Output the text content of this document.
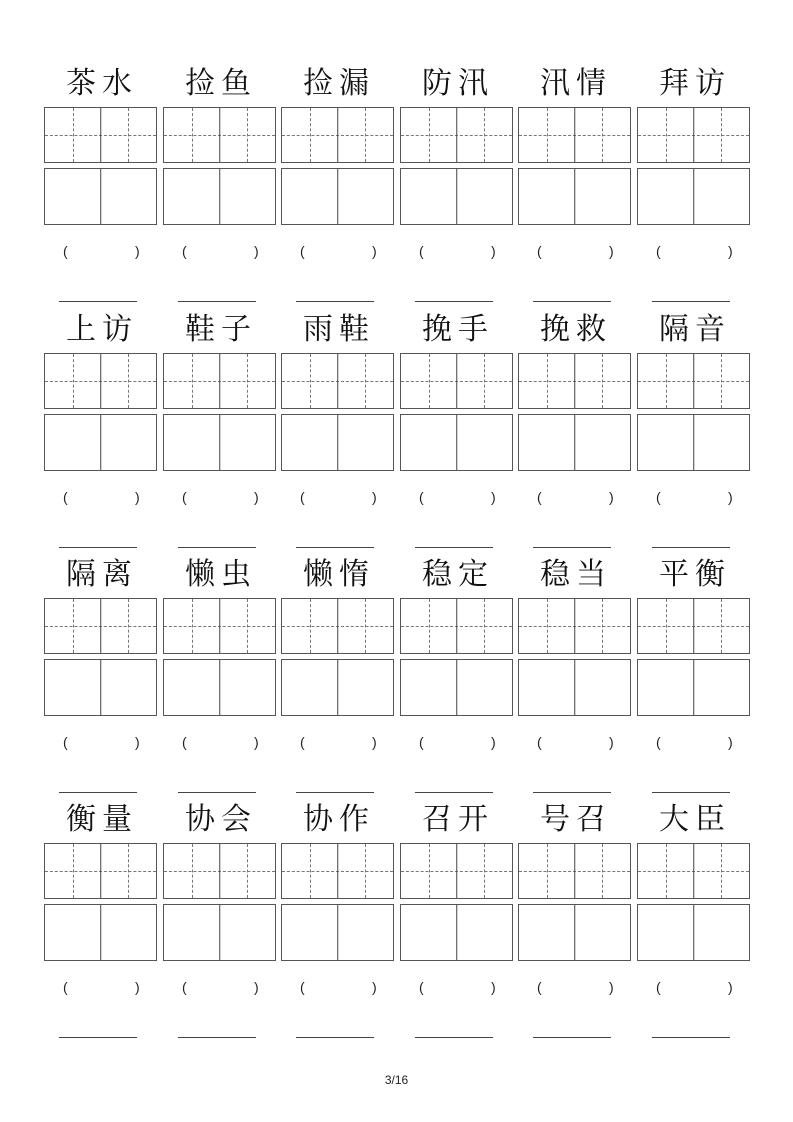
茶水
(	)
捡鱼
(	)
捡漏
(	)
防汛
(	)
汛情
(	)
拜访
(	)
上访
(	)
鞋子
(	)
雨鞋
(	)
挽手
(	)
挽救
(	)
隔音
(	)
隔离
(	)
懒虫
(	)
懒惰
(	)
稳定
(	)
稳当
(	)
平衡
(	)
衡量
(	)
协会
(	)
协作
(	)
召开
(	)
号召
(	)
大臣
(	)
3/16
